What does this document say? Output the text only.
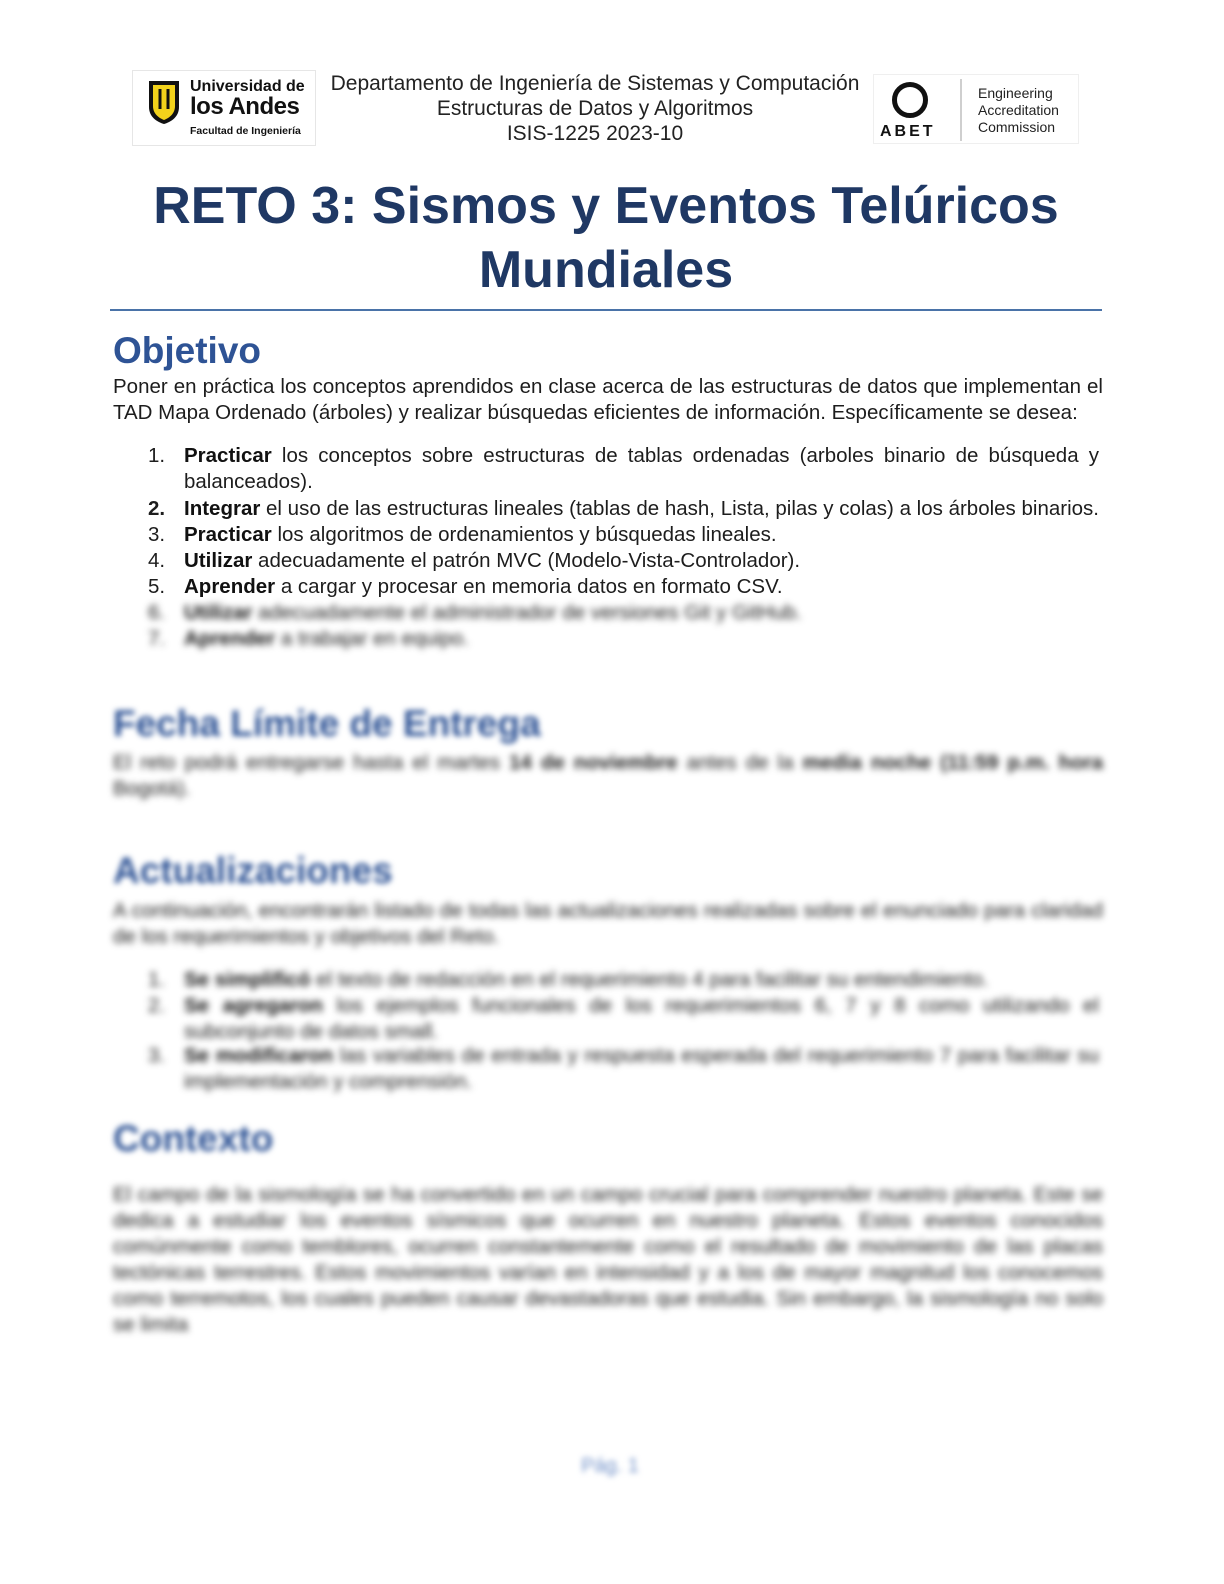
Universidad de
los Andes
Facultad de Ingeniería
Departamento de Ingeniería de Sistemas y Computación
Estructuras de Datos y Algoritmos
ISIS-1225 2023-10	ABET
Engineering
Accreditation
Commission
RETO 3: Sismos y Eventos Telúricos
Mundiales
Objetivo
Poner en práctica los conceptos aprendidos en clase acerca de las estructuras de datos que implementan el TAD Mapa Ordenado (árboles) y realizar búsquedas eficientes de información. Específicamente se desea:
1. Practicar los conceptos sobre estructuras de tablas ordenadas (arboles binario de búsqueda y balanceados).
2. Integrar el uso de las estructuras lineales (tablas de hash, Lista, pilas y colas) a los árboles binarios.
3. Practicar los algoritmos de ordenamientos y búsquedas lineales.
4. Utilizar adecuadamente el patrón MVC (Modelo-Vista-Controlador).
5. Aprender a cargar y procesar en memoria datos en formato CSV.
6. Utilizar adecuadamente el administrador de versiones Git y GitHub.
7. Aprender a trabajar en equipo.
Fecha Límite de Entrega
El reto podrá entregarse hasta el martes 14 de noviembre antes de la media noche (11:59 p.m. hora Bogotá).
Actualizaciones
A continuación, encontrarán listado de todas las actualizaciones realizadas sobre el enunciado para claridad de los requerimientos y objetivos del Reto.
1. Se simplificó el texto de redacción en el requerimiento 4 para facilitar su entendimiento.
2. Se agregaron los ejemplos funcionales de los requerimientos 6, 7 y 8 como utilizando el subconjunto de datos small.
3. Se modificaron las variables de entrada y respuesta esperada del requerimiento 7 para facilitar su implementación y comprensión.
Contexto
El campo de la sismología se ha convertido en un campo crucial para comprender nuestro planeta. Este se dedica a estudiar los eventos sísmicos que ocurren en nuestro planeta. Estos eventos conocidos comúnmente como temblores, ocurren constantemente como el resultado de movimiento de las placas tectónicas terrestres. Estos movimientos varían en intensidad y a los de mayor magnitud los conocemos como terremotos, los cuales pueden causar devastadoras que estudia. Sin embargo, la sismología no solo se limita
Pág. 1
